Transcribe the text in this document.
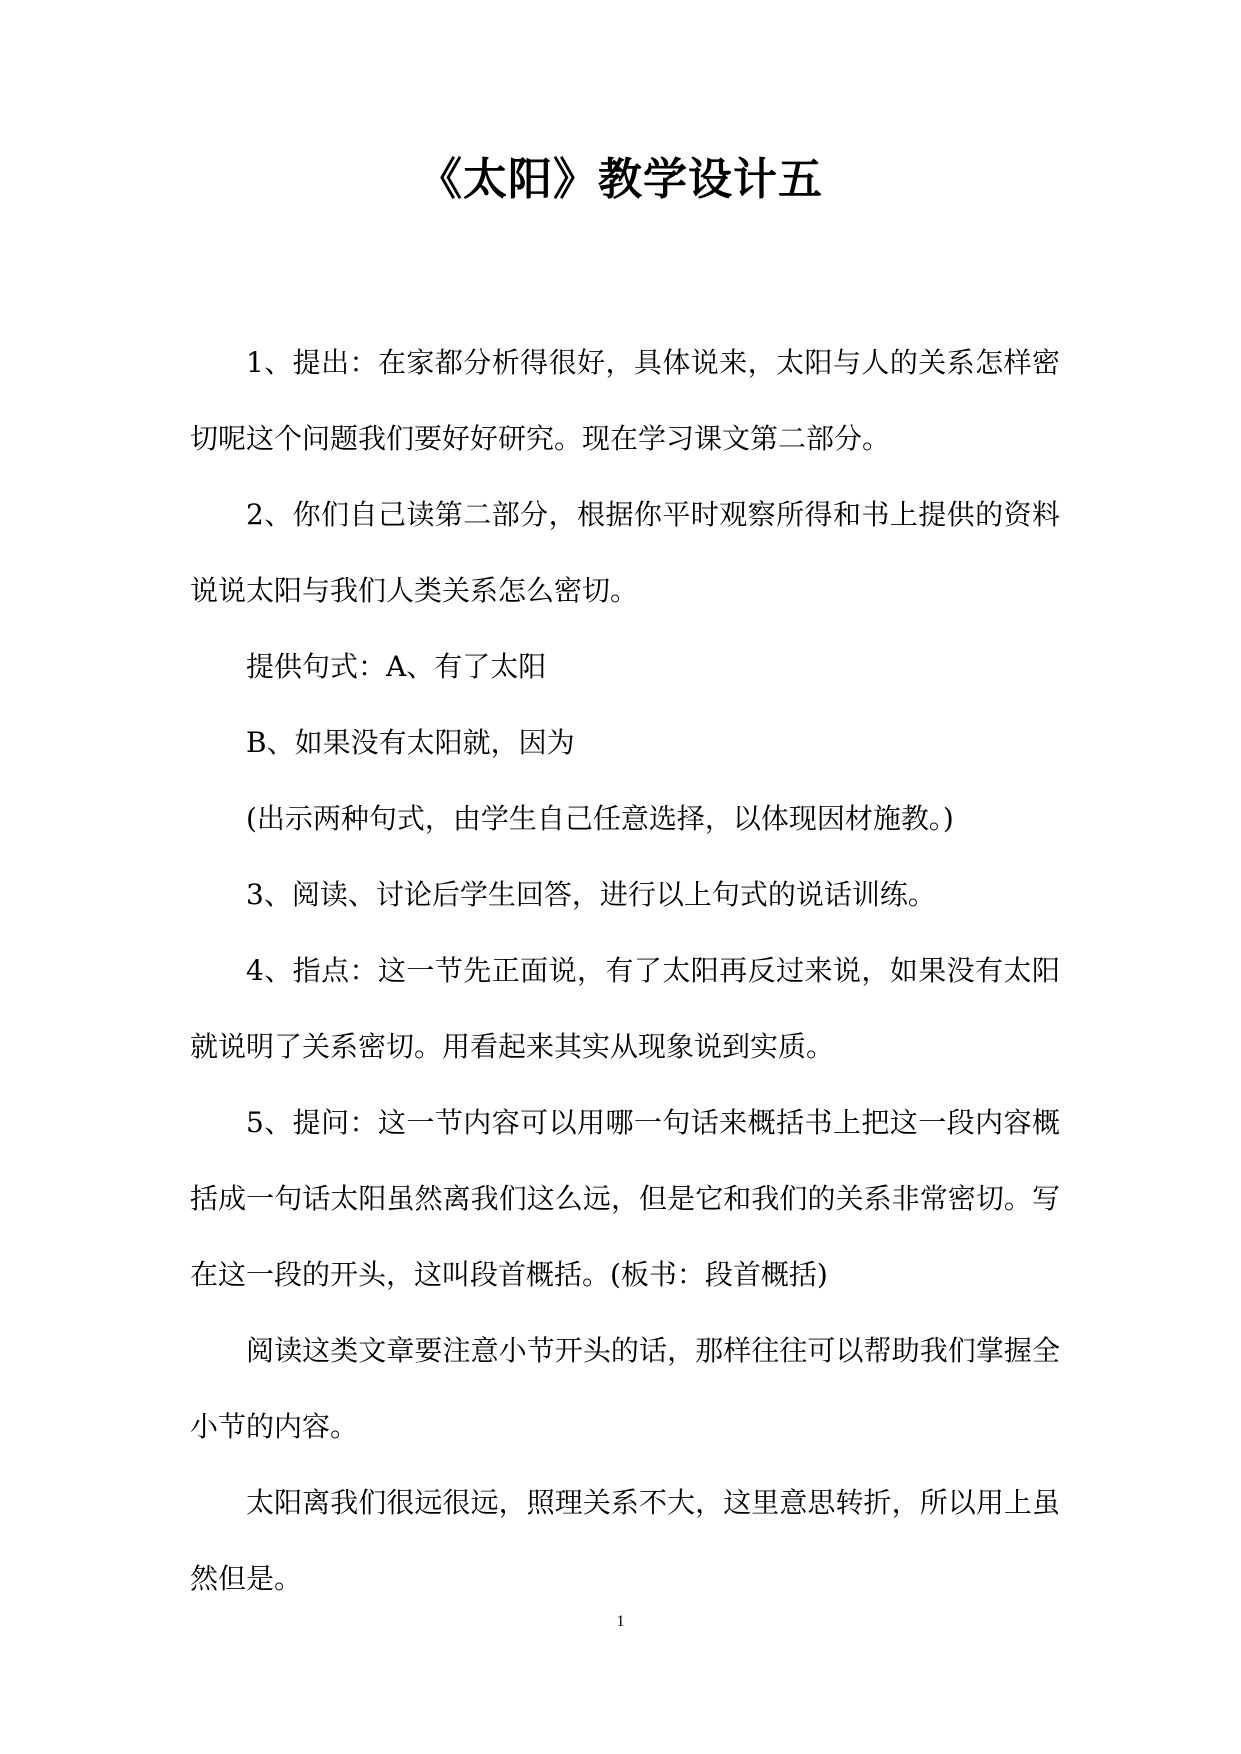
《太阳》教学设计五

1、提出：在家都分析得很好，具体说来，太阳与人的关系怎样密切呢这个问题我们要好好研究。现在学习课文第二部分。

2、你们自己读第二部分，根据你平时观察所得和书上提供的资料说说太阳与我们人类关系怎么密切。

提供句式：A、有了太阳

B、如果没有太阳就，因为

(出示两种句式，由学生自己任意选择，以体现因材施教。)

3、阅读、讨论后学生回答，进行以上句式的说话训练。

4、指点：这一节先正面说，有了太阳再反过来说，如果没有太阳就说明了关系密切。用看起来其实从现象说到实质。

5、提问：这一节内容可以用哪一句话来概括书上把这一段内容概括成一句话太阳虽然离我们这么远，但是它和我们的关系非常密切。写在这一段的开头，这叫段首概括。(板书：段首概括)

阅读这类文章要注意小节开头的话，那样往往可以帮助我们掌握全小节的内容。

太阳离我们很远很远，照理关系不大，这里意思转折，所以用上虽然但是。

1
